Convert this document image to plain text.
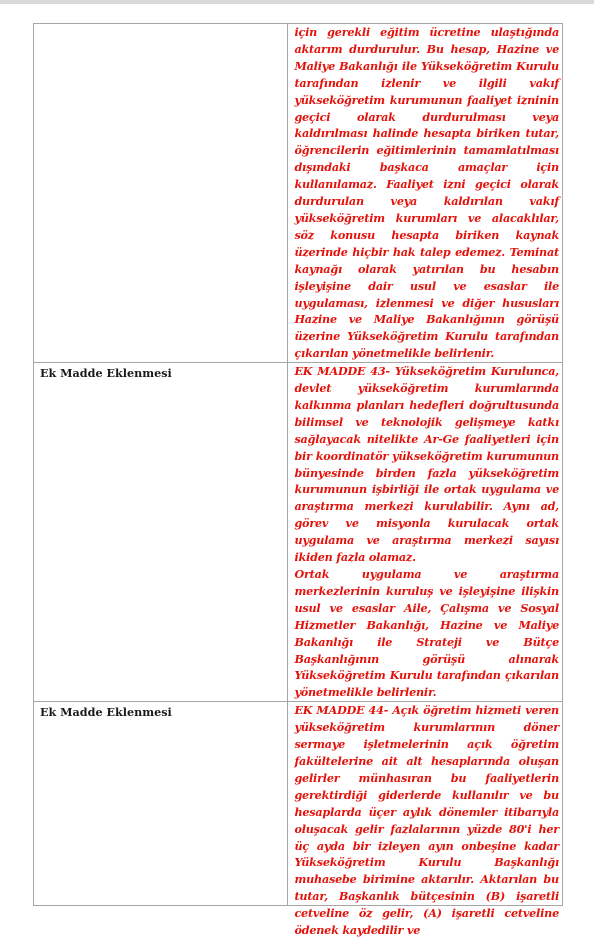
	için gerekli eğitim ücretine ulaştığında aktarım durdurulur. Bu hesap, Hazine ve Maliye Bakanlığı ile Yükseköğretim Kurulu tarafından izlenir ve ilgili vakıf yükseköğretim kurumunun faaliyet izninin geçici olarak durdurulması veya kaldırılması halinde hesapta biriken tutar, öğrencilerin eğitimlerinin tamamlatılması dışındaki başkaca amaçlar için kullanılamaz. Faaliyet izni geçici olarak durdurulan veya kaldırılan vakıf yükseköğretim kurumları ve alacaklılar, söz konusu hesapta biriken kaynak üzerinde hiçbir hak talep edemez. Teminat kaynağı olarak yatırılan bu hesabın işleyişine dair usul ve esaslar ile uygulaması, izlenmesi ve diğer hususları Hazine ve Maliye Bakanlığının görüşü üzerine Yükseköğretim Kurulu tarafından çıkarılan yönetmelikle belirlenir.

Ek Madde Eklenmesi	EK MADDE 43- Yükseköğretim Kurulunca, devlet yükseköğretim kurumlarında kalkınma planları hedefleri doğrultusunda bilimsel ve teknolojik gelişmeye katkı sağlayacak nitelikte Ar-Ge faaliyetleri için bir koordinatör yükseköğretim kurumunun bünyesinde birden fazla yükseköğretim kurumunun işbirliği ile ortak uygulama ve araştırma merkezi kurulabilir. Aynı ad, görev ve misyonla kurulacak ortak uygulama ve araştırma merkezi sayısı ikiden fazla olamaz.

Ortak uygulama ve araştırma merkezlerinin kuruluş ve işleyişine ilişkin usul ve esaslar Aile, Çalışma ve Sosyal Hizmetler Bakanlığı, Hazine ve Maliye Bakanlığı ile Strateji ve Bütçe Başkanlığının görüşü alınarak Yükseköğretim Kurulu tarafından çıkarılan yönetmelikle belirlenir.

Ek Madde Eklenmesi	EK MADDE 44- Açık öğretim hizmeti veren yükseköğretim kurumlarının döner sermaye işletmelerinin açık öğretim fakültelerine ait alt hesaplarında oluşan gelirler münhasıran bu faaliyetlerin gerektirdiği giderlerde kullanılır ve bu hesaplarda üçer aylık dönemler itibarıyla oluşacak gelir fazlalarının yüzde 80'i her üç ayda bir izleyen ayın onbeşine kadar Yükseköğretim Kurulu Başkanlığı muhasebe birimine aktarılır. Aktarılan bu tutar, Başkanlık bütçesinin (B) işaretli cetveline öz gelir, (A) işaretli cetveline ödenek kaydedilir ve
